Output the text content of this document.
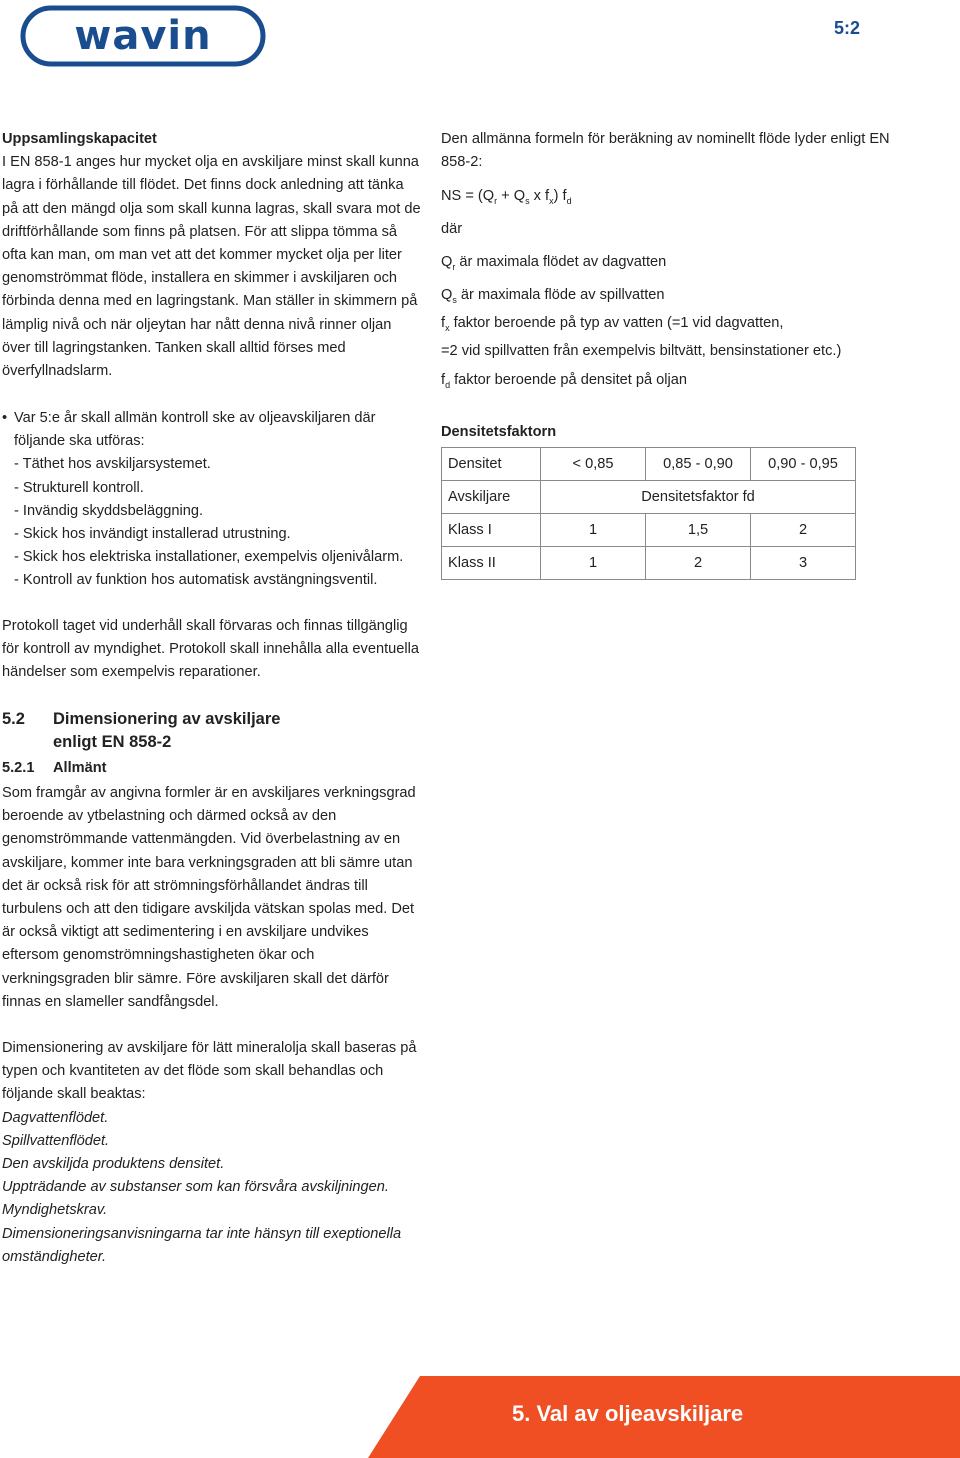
wavin	5:2

Uppsamlingskapacitet

I EN 858-1 anges hur mycket olja en avskiljare minst skall kunna lagra i förhållande till flödet. Det finns dock anledning att tänka på att den mängd olja som skall kunna lagras, skall svara mot de driftförhållande som finns på platsen. För att slippa tömma så ofta kan man, om man vet att det kommer mycket olja per liter genomströmmat flöde, installera en skimmer i avskiljaren och förbinda denna med en lagringstank. Man ställer in skimmern på lämplig nivå och när oljeytan har nått denna nivå rinner oljan över till lagringstanken. Tanken skall alltid förses med överfyllnadslarm.

• Var 5:e år skall allmän kontroll ske av oljeavskiljaren där följande ska utföras:
- Täthet hos avskiljarsystemet.
- Strukturell kontroll.
- Invändig skyddsbeläggning.
- Skick hos invändigt installerad utrustning.
- Skick hos elektriska installationer, exempelvis oljenivålarm.
- Kontroll av funktion hos automatisk avstängningsventil.
Protokoll taget vid underhåll skall förvaras och finnas tillgänglig för kontroll av myndighet. Protokoll skall innehålla alla eventuella händelser som exempelvis reparationer.
5.2 Dimensionering av avskiljare
enligt EN 858-2
5.2.1 Allmänt
Som framgår av angivna formler är en avskiljares verkningsgrad beroende av ytbelastning och därmed också av den genomströmmande vattenmängden. Vid överbelastning av en avskiljare, kommer inte bara verkningsgraden att bli sämre utan det är också risk för att strömningsförhållandet ändras till turbulens och att den tidigare avskiljda vätskan spolas med. Det är också viktigt att sedimentering i en avskiljare undvikes eftersom genomströmningshastigheten ökar och verkningsgraden blir sämre. Före avskiljaren skall det därför finnas en slameller sandfångsdel.

Dimensionering av avskiljare för lätt mineralolja skall baseras på typen och kvantiteten av det flöde som skall behandlas och följande skall beaktas:

Dagvattenflödet.

Spillvattenflödet.

Den avskiljda produktens densitet.

Uppträdande av substanser som kan försvåra avskiljningen.

Myndighetskrav.

Dimensioneringsanvisningarna tar inte hänsyn till exeptionella omständigheter.

Den allmänna formeln för beräkning av nominellt flöde lyder enligt EN 858-2:
NS = ($Q_r + Q_s$ x $f_x$) $f_d$
där
$Q_r$ är maximala flödet av dagvatten
$Q_s$ är maximala flöde av spillvatten
$f_x$ faktor beroende på typ av vatten (=1 vid dagvatten,
=2 vid spillvatten från exempelvis biltvätt, bensinstationer etc.)
$f_d$ faktor beroende på densitet på oljan
Densitetsfaktorn
Densitet	< 0,85	0,85 - 0,90	0,90 - 0,95
Avskiljare	Densitetsfaktor fd		
Klass I	1	1,5	2
Klass II	1	2	3
5. Val av oljeavskiljare
